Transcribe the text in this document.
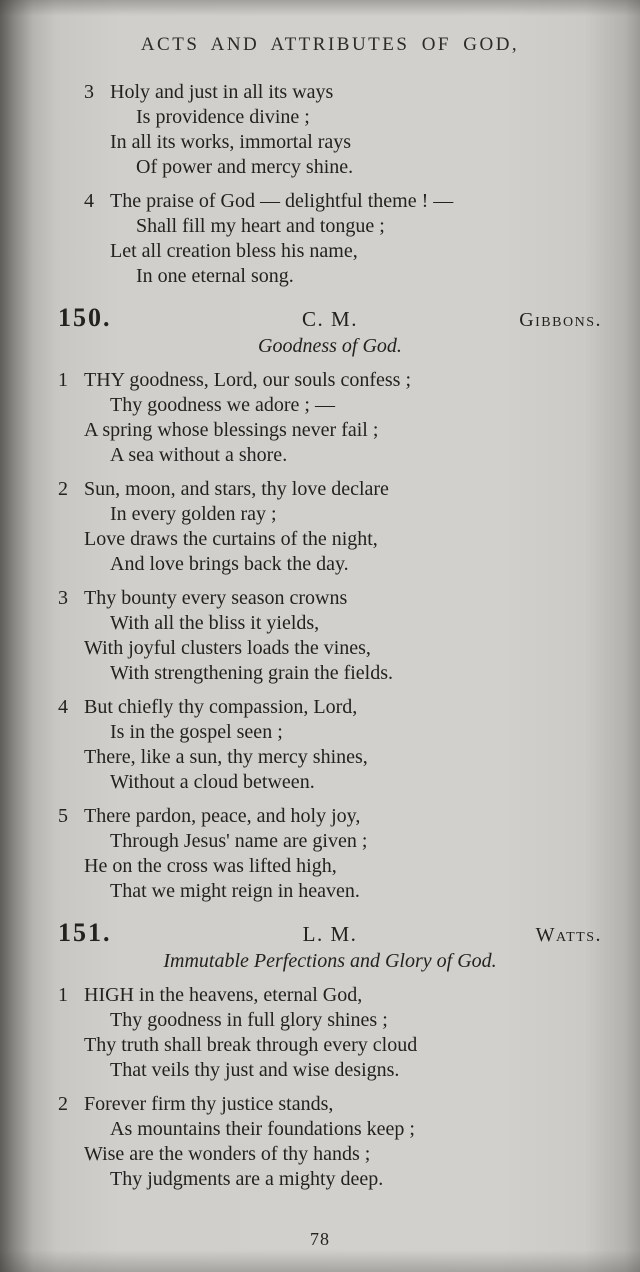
ACTS AND ATTRIBUTES OF GOD,

3 Holy and just in all its ways

Is providence divine ;

In all its works, immortal rays

Of power and mercy shine.

4 The praise of God — delightful theme ! —

Shall fill my heart and tongue ;

Let all creation bless his name,

In one eternal song.

150.	C. M.	Gibbons.
Goodness of God.

1 THY goodness, Lord, our souls confess ;

Thy goodness we adore ; —

A spring whose blessings never fail ;

A sea without a shore.

2 Sun, moon, and stars, thy love declare

In every golden ray ;

Love draws the curtains of the night,

And love brings back the day.

3 Thy bounty every season crowns

With all the bliss it yields,

With joyful clusters loads the vines,

With strengthening grain the fields.

4 But chiefly thy compassion, Lord,

Is in the gospel seen ;

There, like a sun, thy mercy shines,

Without a cloud between.

5 There pardon, peace, and holy joy,

Through Jesus' name are given ;

He on the cross was lifted high,

That we might reign in heaven.

151.	L. M.	Watts.
Immutable Perfections and Glory of God.

1 HIGH in the heavens, eternal God,

Thy goodness in full glory shines ;

Thy truth shall break through every cloud

That veils thy just and wise designs.

2 Forever firm thy justice stands,

As mountains their foundations keep ;

Wise are the wonders of thy hands ;

Thy judgments are a mighty deep.

78
